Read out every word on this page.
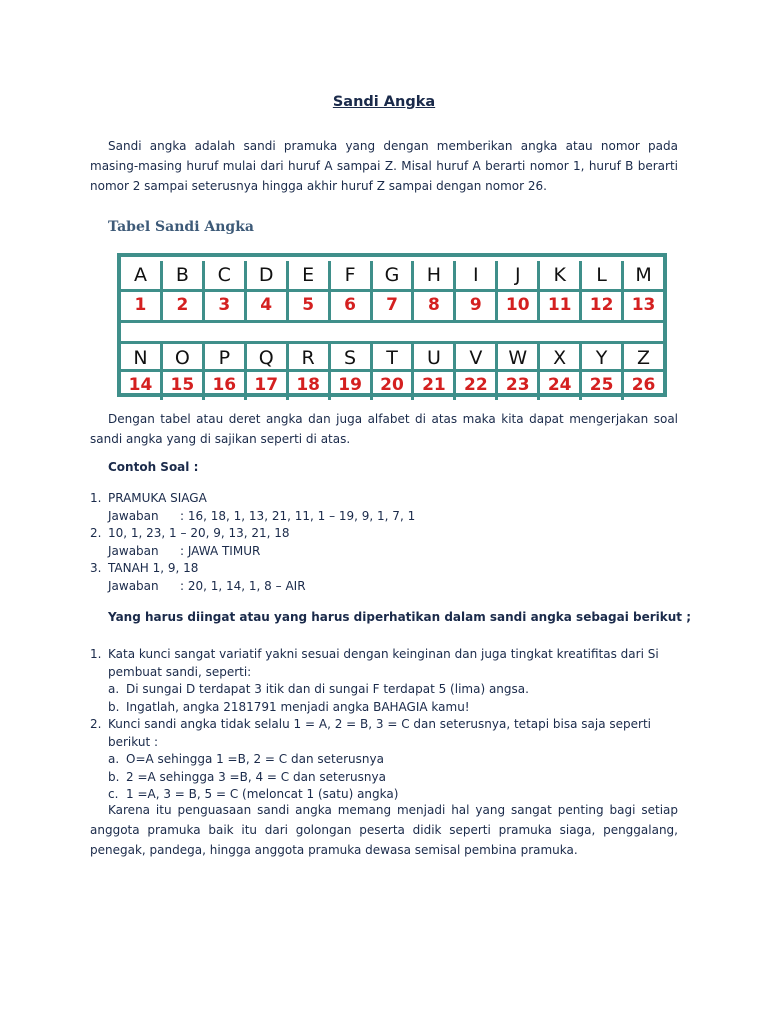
Sandi Angka
Sandi angka adalah sandi pramuka yang dengan memberikan angka atau nomor pada masing-masing huruf mulai dari huruf A sampai Z. Misal huruf A berarti nomor 1, huruf B berarti nomor 2 sampai seterusnya hingga akhir huruf Z sampai dengan nomor 26.
Tabel Sandi Angka
A	B	C	D	E	F	G	H	I	J	K	L	M
1	2	3	4	5	6	7	8	9	10	11	12	13
N	O	P	Q	R	S	T	U	V	W	X	Y	Z
14	15	16	17	18	19	20	21	22	23	24	25	26
Dengan tabel atau deret angka dan juga alfabet di atas maka kita dapat mengerjakan soal sandi angka yang di sajikan seperti di atas.
Contoh Soal :
1. PRAMUKA SIAGA
Jawaban : 16, 18, 1, 13, 21, 11, 1 – 19, 9, 1, 7, 1
2. 10, 1, 23, 1 – 20, 9, 13, 21, 18
Jawaban : JAWA TIMUR
3. TANAH 1, 9, 18
Jawaban : 20, 1, 14, 1, 8 – AIR
Yang harus diingat atau yang harus diperhatikan dalam sandi angka sebagai berikut ;
1. Kata kunci sangat variatif yakni sesuai dengan keinginan dan juga tingkat kreatifitas dari Si pembuat sandi, seperti:
a. Di sungai D terdapat 3 itik dan di sungai F terdapat 5 (lima) angsa.
b. Ingatlah, angka 2181791 menjadi angka BAHAGIA kamu!
2. Kunci sandi angka tidak selalu 1 = A, 2 = B, 3 = C dan seterusnya, tetapi bisa saja seperti berikut :
a. O=A sehingga 1 =B, 2 = C dan seterusnya
b. 2 =A sehingga 3 =B, 4 = C dan seterusnya
c. 1 =A, 3 = B, 5 = C (meloncat 1 (satu) angka)
Karena itu penguasaan sandi angka memang menjadi hal yang sangat penting bagi setiap anggota pramuka baik itu dari golongan peserta didik seperti pramuka siaga, penggalang, penegak, pandega, hingga anggota pramuka dewasa semisal pembina pramuka.
